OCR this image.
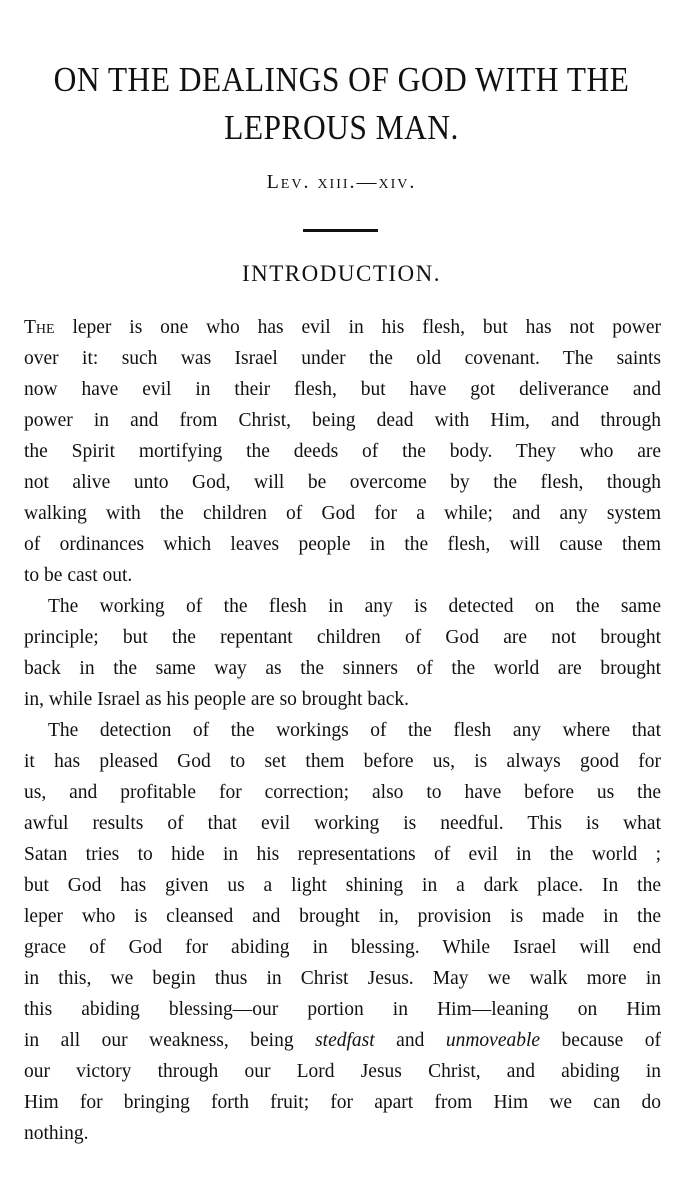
ON THE DEALINGS OF GOD WITH THE
LEPROUS MAN.
Lev. xiii.—xiv.
INTRODUCTION.
The leper is one who has evil in his flesh, but has not power
over it: such was Israel under the old covenant. The saints
now have evil in their flesh, but have got deliverance and
power in and from Christ, being dead with Him, and through
the Spirit mortifying the deeds of the body. They who are
not alive unto God, will be overcome by the flesh, though
walking with the children of God for a while; and any system
of ordinances which leaves people in the flesh, will cause them
to be cast out.
The working of the flesh in any is detected on the same
principle; but the repentant children of God are not brought
back in the same way as the sinners of the world are brought
in, while Israel as his people are so brought back.
The detection of the workings of the flesh any where that
it has pleased God to set them before us, is always good for
us, and profitable for correction; also to have before us the
awful results of that evil working is needful. This is what
Satan tries to hide in his representations of evil in the world ;
but God has given us a light shining in a dark place. In the
leper who is cleansed and brought in, provision is made in the
grace of God for abiding in blessing. While Israel will end
in this, we begin thus in Christ Jesus. May we walk more in
this abiding blessing—our portion in Him—leaning on Him
in all our weakness, being stedfast and unmoveable because of
our victory through our Lord Jesus Christ, and abiding in
Him for bringing forth fruit; for apart from Him we can do
nothing.
